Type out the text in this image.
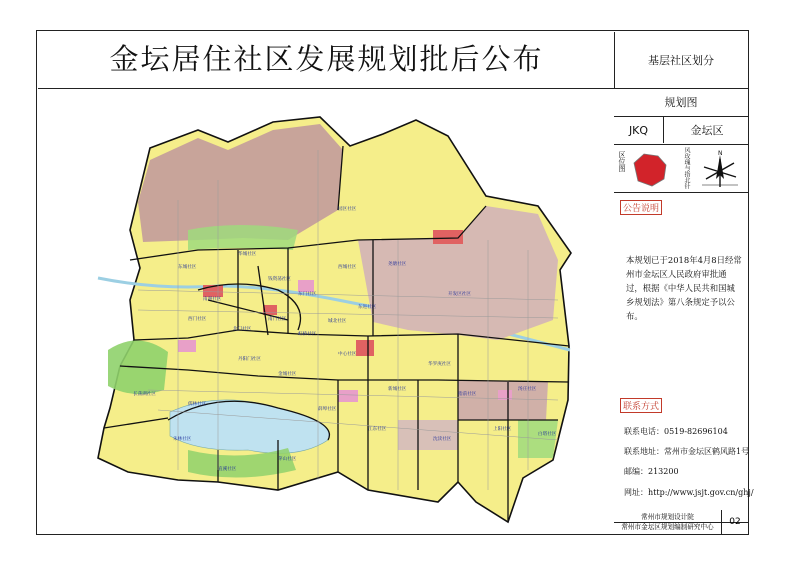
金坛居住社区发展规划批后公布
园区社区
东城社区	西城社区
华城社区
南洲社区
尧塘社区
钱资荡社区
东门社区
西门社区
北门社区
南门社区
虹桥社区
城北社区
东进社区
开发区社区
华罗庚社区
新城社区
中心社区
丹阳门社区
金城社区
儒林社区
长荡湖社区
朱林社区
直溪社区
薛埠社区
茅山社区
江东社区
指前社区
汤庄社区
上阳社区
白塔社区
沈渎社区
基层社区划分
规划图
JKQ	金坛区
区位图	风玫瑰与指北针	N
公告说明
本规划已于2018年4月8日经常州市金坛区人民政府审批通过，根据《中华人民共和国城乡规划法》第八条规定予以公布。
联系方式
联系电话：0519-82696104
联系地址：常州市金坛区鹤风路1号
邮编：213200
网址：http://www.jsjt.gov.cn/ghj/
常州市规划设计院
常州市金坛区规划编制研究中心	02
